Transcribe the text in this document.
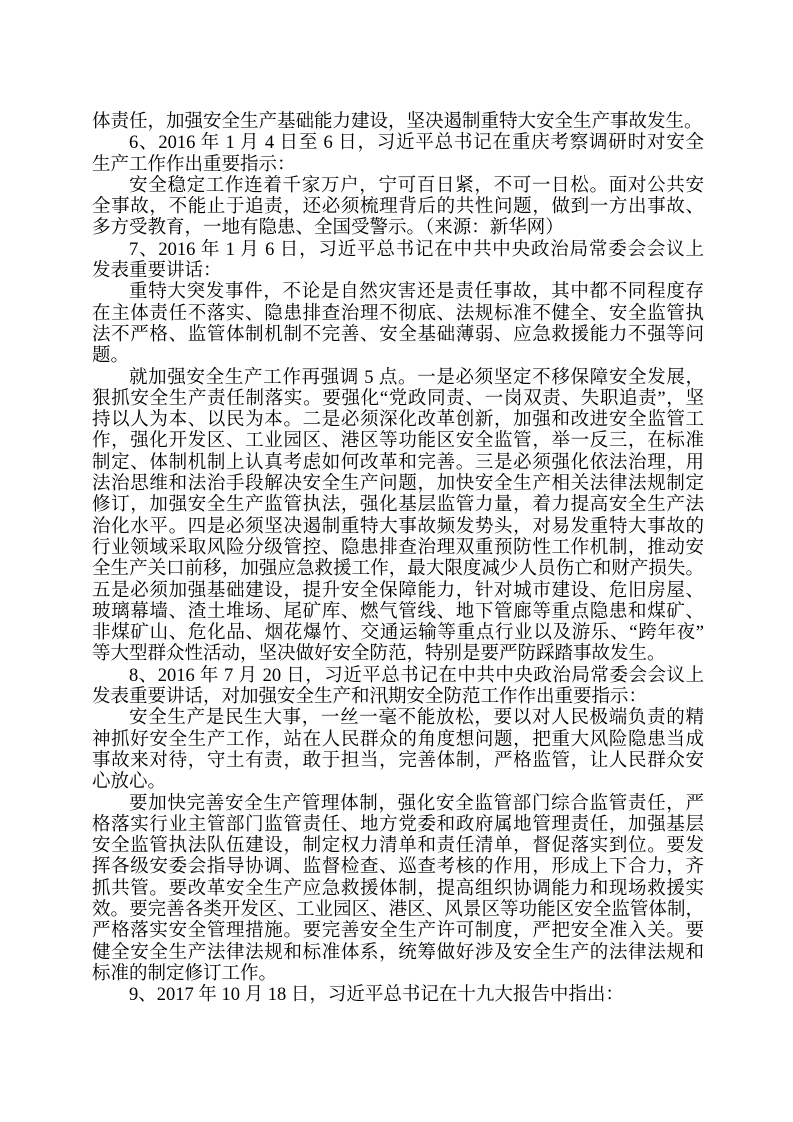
体责任，加强安全生产基础能力建设，坚决遏制重特大安全生产事故发生。
6、2016 年 1 月 4 日至 6 日，习近平总书记在重庆考察调研时对安全
生产工作作出重要指示：
安全稳定工作连着千家万户，宁可百日紧，不可一日松。面对公共安
全事故，不能止于追责，还必须梳理背后的共性问题，做到一方出事故、
多方受教育，一地有隐患、全国受警示。（来源：新华网）
7、2016 年 1 月 6 日，习近平总书记在中共中央政治局常委会会议上
发表重要讲话：
重特大突发事件，不论是自然灾害还是责任事故，其中都不同程度存
在主体责任不落实、隐患排查治理不彻底、法规标准不健全、安全监管执
法不严格、监管体制机制不完善、安全基础薄弱、应急救援能力不强等问
题。
就加强安全生产工作再强调 5 点。一是必须坚定不移保障安全发展，
狠抓安全生产责任制落实。要强化“党政同责、一岗双责、失职追责”，坚
持以人为本、以民为本。二是必须深化改革创新，加强和改进安全监管工
作，强化开发区、工业园区、港区等功能区安全监管，举一反三，在标准
制定、体制机制上认真考虑如何改革和完善。三是必须强化依法治理，用
法治思维和法治手段解决安全生产问题，加快安全生产相关法律法规制定
修订，加强安全生产监管执法，强化基层监管力量，着力提高安全生产法
治化水平。四是必须坚决遏制重特大事故频发势头，对易发重特大事故的
行业领域采取风险分级管控、隐患排查治理双重预防性工作机制，推动安
全生产关口前移，加强应急救援工作，最大限度减少人员伤亡和财产损失。
五是必须加强基础建设，提升安全保障能力，针对城市建设、危旧房屋、
玻璃幕墙、渣土堆场、尾矿库、燃气管线、地下管廊等重点隐患和煤矿、
非煤矿山、危化品、烟花爆竹、交通运输等重点行业以及游乐、“跨年夜”
等大型群众性活动，坚决做好安全防范，特别是要严防踩踏事故发生。
8、2016 年 7 月 20 日，习近平总书记在中共中央政治局常委会会议上
发表重要讲话，对加强安全生产和汛期安全防范工作作出重要指示：
安全生产是民生大事，一丝一毫不能放松，要以对人民极端负责的精
神抓好安全生产工作，站在人民群众的角度想问题，把重大风险隐患当成
事故来对待，守土有责，敢于担当，完善体制，严格监管，让人民群众安
心放心。
要加快完善安全生产管理体制，强化安全监管部门综合监管责任，严
格落实行业主管部门监管责任、地方党委和政府属地管理责任，加强基层
安全监管执法队伍建设，制定权力清单和责任清单，督促落实到位。要发
挥各级安委会指导协调、监督检查、巡查考核的作用，形成上下合力，齐
抓共管。要改革安全生产应急救援体制，提高组织协调能力和现场救援实
效。要完善各类开发区、工业园区、港区、风景区等功能区安全监管体制，
严格落实安全管理措施。要完善安全生产许可制度，严把安全准入关。要
健全安全生产法律法规和标准体系，统筹做好涉及安全生产的法律法规和
标准的制定修订工作。
9、2017 年 10 月 18 日，习近平总书记在十九大报告中指出：
